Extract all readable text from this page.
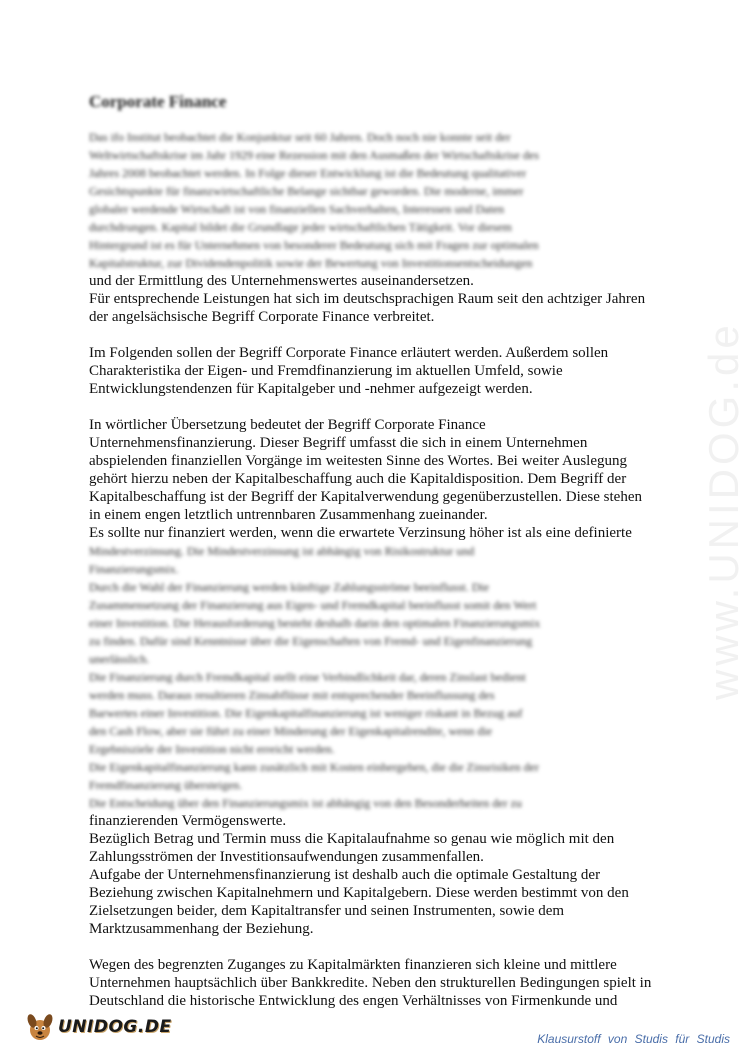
www.UNIDOG.de
Corporate Finance
Das ifo Institut beobachtet die Konjunktur seit 60 Jahren. Doch noch nie konnte seit der
Weltwirtschaftskrise im Jahr 1929 eine Rezession mit den Ausmaßen der Wirtschaftskrise des
Jahres 2008 beobachtet werden. In Folge dieser Entwicklung ist die Bedeutung qualitativer
Gesichtspunkte für finanzwirtschaftliche Belange sichtbar geworden. Die moderne, immer
globaler werdende Wirtschaft ist von finanziellen Sachverhalten, Interessen und Daten
durchdrungen. Kapital bildet die Grundlage jeder wirtschaftlichen Tätigkeit. Vor diesem
Hintergrund ist es für Unternehmen von besonderer Bedeutung sich mit Fragen zur optimalen
Kapitalstruktur, zur Dividendenpolitik sowie der Bewertung von Investitionsentscheidungen
und der Ermittlung des Unternehmenswertes auseinandersetzen.
Für entsprechende Leistungen hat sich im deutschsprachigen Raum seit den achtziger Jahren
der angelsächsische Begriff Corporate Finance verbreitet.
Im Folgenden sollen der Begriff Corporate Finance erläutert werden. Außerdem sollen
Charakteristika der Eigen- und Fremdfinanzierung im aktuellen Umfeld, sowie
Entwicklungstendenzen für Kapitalgeber und -nehmer aufgezeigt werden.
In wörtlicher Übersetzung bedeutet der Begriff Corporate Finance
Unternehmensfinanzierung. Dieser Begriff umfasst die sich in einem Unternehmen
abspielenden finanziellen Vorgänge im weitesten Sinne des Wortes. Bei weiter Auslegung
gehört hierzu neben der Kapitalbeschaffung auch die Kapitaldisposition. Dem Begriff der
Kapitalbeschaffung ist der Begriff der Kapitalverwendung gegenüberzustellen. Diese stehen
in einem engen letztlich untrennbaren Zusammenhang zueinander.
Es sollte nur finanziert werden, wenn die erwartete Verzinsung höher ist als eine definierte
Mindestverzinsung. Die Mindestverzinsung ist abhängig von Risikostruktur und
Finanzierungsmix.
Durch die Wahl der Finanzierung werden künftige Zahlungsströme beeinflusst. Die
Zusammensetzung der Finanzierung aus Eigen- und Fremdkapital beeinflusst somit den Wert
einer Investition. Die Herausforderung besteht deshalb darin den optimalen Finanzierungsmix
zu finden. Dafür sind Kenntnisse über die Eigenschaften von Fremd- und Eigenfinanzierung
unerlässlich.
Die Finanzierung durch Fremdkapital stellt eine Verbindlichkeit dar, deren Zinslast bedient
werden muss. Daraus resultieren Zinsabflüsse mit entsprechender Beeinflussung des
Barwertes einer Investition. Die Eigenkapitalfinanzierung ist weniger riskant in Bezug auf
den Cash Flow, aber sie führt zu einer Minderung der Eigenkapitalrendite, wenn die
Ergebnisziele der Investition nicht erreicht werden.
Die Eigenkapitalfinanzierung kann zusätzlich mit Kosten einhergehen, die die Zinsrisiken der
Fremdfinanzierung übersteigen.
Die Entscheidung über den Finanzierungsmix ist abhängig von den Besonderheiten der zu
finanzierenden Vermögenswerte.
Bezüglich Betrag und Termin muss die Kapitalaufnahme so genau wie möglich mit den
Zahlungsströmen der Investitionsaufwendungen zusammenfallen.
Aufgabe der Unternehmensfinanzierung ist deshalb auch die optimale Gestaltung der
Beziehung zwischen Kapitalnehmern und Kapitalgebern. Diese werden bestimmt von den
Zielsetzungen beider, dem Kapitaltransfer und seinen Instrumenten, sowie dem
Marktzusammenhang der Beziehung.
Wegen des begrenzten Zuganges zu Kapitalmärkten finanzieren sich kleine und mittlere
Unternehmen hauptsächlich über Bankkredite. Neben den strukturellen Bedingungen spielt in
Deutschland die historische Entwicklung des engen Verhältnisses von Firmenkunde und
UNIDOG.DE
Klausurstoff von Studis für Studis
